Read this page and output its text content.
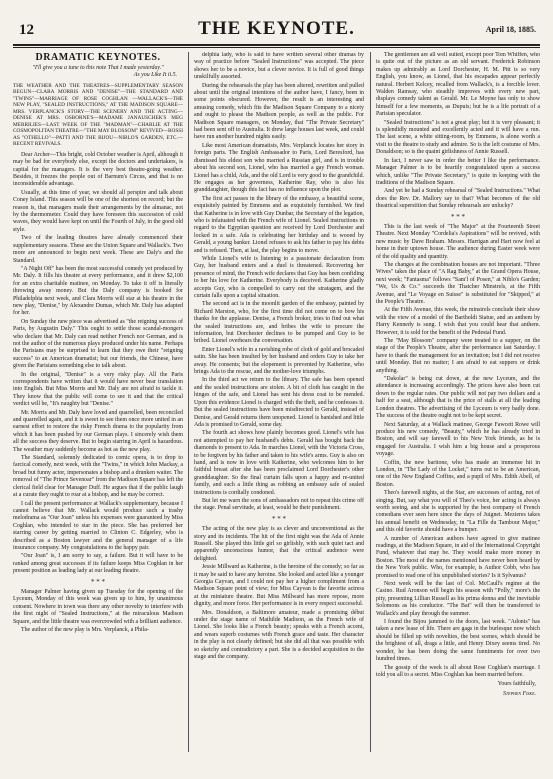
12	THE KEYNOTE.	April 18, 1885.

DRAMATIC KEYNOTES.

"I'll give you a tune to this note That I made yesterday."

As you Like It ii.5.

THE WEATHER AND THE THEATRES—SUPPLEMENTARY SEASON BEGUN—CLARA MORRIS AND "DENISE"—THE STANDARD AND "TWINS"—MARRIAGE OF ROSE COGHLAN —WALLACK'S—THE NEW PLAY, "SEALED INSTRUCTIONS," AT THE MADISON SQUARE—MRS. VERPLANCK'S STORY—THE SCENERY AND THE ACTING—DENISE AT MRS. OSBORNE'S—MADAME JANAUSCHEK'S MEG MERRILIES—LAST WEEK OF THE "MADMAN"—CHARLIE AT THE COSMOPOLITAN THEATRE—"THE MAY BLOSSOM" REVIVED—ROSSI AS "OTHELLO"—PATTI AND THE BIJOU—NIBLO'S GARDEN, ETC.—RECENT REVIVALS.

Dear Archer—This bright, cold October weather is April, although it may be bad for everybody else, except the doctors and undertakers, is capital for the managers. It is the very best theatre-going weather. Besides, it freezes the people out of Barnum's Circus, and that is no inconsiderable advantage.

Usually, at this time of year, we should all perspire and talk about Coney Island. This season will be one of the shortest on record; but the reason is, that managers made their arrangements by the almanac, not by the thermometer. Could they have foreseen this succession of cold waves, they would have kept on until the Fourth of July, in the good old style.

Two of the leading theatres have already commenced their supplementary seasons. These are the Union Square and Wallack's. Two more are announced to begin next week. These are Daly's and the Standard.

"A Night Off" has been the most successful comedy yet produced by Mr. Daly. It fills his theatre at every performance, and it drew $2,100 for an extra charitable matinee, on Monday. To take it off is literally throwing away money. But the Daly company is booked for Philadelphia next week, and Clara Morris will star at his theatre in the new play, "Denise," by Alexandre Dumas, which Mr. Daly has adapted for her.

On Sunday the new piece was advertised as "the reigning success of Paris, by Augustin Daly." This ought to settle those scandal-mongers who declare that Mr. Daly can read neither French nor German, and is not the author of the numerous plays produced under his name. Perhaps the Parisians may be surprised to learn that they owe their "reigning success" to an American dramatist; but our friends, the Chinese, have given the Parisians something else to talk about.

In the original, "Denise" is a very risky play. All the Paris correspondents have written that it would have never bear translation into English. But Miss Morris and Mr. Daly are not afraid to tackle it. They know that the public will come to see it and that the critical verdict will be, "It's naughty but "Denise."

Mr. Morris and Mr. Daly have loved and quarrelled, been reconciled and quarrelled again, and it is sweet to see them once more united in an earnest effort to restore the risky French drama to the popularity from which it has been pushed by our German plays. I sincerely wish them all the success they deserve. But to begin starring in April is hazardous. The weather may suddenly become as hot as the new play.

The Standard, solemnly dedicated to comic opera, is to drop to farcical comedy, next week, with the "Twins," in which John Mackay, a broad but funny actor, impersonates a bishop and a drunken waiter. The removal of "The Prince Sevenoar" from the Madison Square has left the clerical field clear for Manager Duff. He argues that if the public laugh at a curate they ought to roar at a bishop, and he may be correct.

I call the present performance at Wallack's supplementary, because I cannot believe that Mr. Wallack would produce such a trashy melodrama as "Our Joan" unless his expenses were guaranteed by Miss Coghlan, who intended to star in the piece. She has preferred her starring career by getting married to Clinton C. Edgerley, who is described as a Boston lawyer and the general manager of a life insurance company. My congratulations to the happy pair.

"Our Joan" is, I am sorry to say, a failure. But it will have to be ranked among great successes if its failure keeps Miss Coghlan in her present position as leading lady at our leading theatre.

* * *

Manager Palmer having given up Tuesday for the opening of the Lyceum, Monday of this week was given up to him, by unanimous consent. Nowhere in town was there any other novelty to interfere with the first night of "Sealed Instructions," at the miraculous Madison Square, and the little theatre was overcrowded with a brilliant audience.

The author of the new play is Mrs. Verplanck, a Phila-

delphia lady, who is said to have written several other dramas by way of practice before "Sealed Instructions" was accepted. The piece shows her to be a novice, but a clever novice. It is full of good things unskilfully assorted.

During the rehearsals the play has been altered, rewritten and pulled about until the original intentions of the author have, I fancy, been in some points obscured. However, the result is an interesting and amusing comedy, which fits the Madison Square Company to a nicety and ought to please the Madison people, as well as the public. For Madison Square managers, on Monday, that "The Private Secretary" had been sent off to Australia. It drew large houses last week, and could have run another hundred nights easily.

Like most American dramatists, Mrs. Verplanck locates her story in foreign parts. The English Ambassador to Paris, Lord Beresford, has dismissed his eldest son who married a Russian girl, and is in trouble about his second son, Lionel, who has married a gay French woman. Lionel has a child, Ada, and the old Lord is very good to the grandchild. He engages as her governess, Katherine Ray, who is also his granddaughter, though this fact has no influence upon the plot.

The first act passes in the library of the embassy, a beautiful scene, exquisitely painted by Emmens and as exquisitely furnished. We find that Katherine is in love with Guy Dunbar, the Secretary of the legation, who is infatuated with the French wife of Lionel. Sealed instructions in regard to the Egyptian question are received by Lord Dorchester and locked in a safe. Ada is celebrating her birthday and is wooed by Gerald, a young banker. Lionel refuses to ask his father to pay his debts and is refused. Then, at last, the play begins to move.

While Lionel's wife is listening to a passionate declaration from Guy, her husband enters and a duel is threatened. Recovering her presence of mind, the French wife declares that Guy has been confiding to her his love for Katherine. Everybody is deceived. Katherine gladly accepts Guy, who is compelled to carry out the stratagem, and the curtain falls upon a capital situation.

The second act is in the moonlit garden of the embassy, painted by Richard Marston, who, for the first time did not come on to bow his thanks for the applause. Denise, a French broker, tries to find out what the sealed instructions are, and bribes the wife to procure the information, but Dorchester declines to be pumped and Guy to be bribed. Lionel overhears the conversation.

Enter Lionel's wife in a ravishing robe of cloth of gold and brocaded satin. She has been insulted by her husband and orders Guy to take her away. He consents; but the elopement is prevented by Katherine, who brings Ada to the rescue, and the mother-love triumphs.

In the third act we return to the library. The safe has been opened and the sealed instructions are stolen. A bit of cloth has caught in the hinges of the safe, and Lionel has sent his dress coat to be mended. Upon this evidence Lionel is charged with the theft, and he confesses it. But the sealed instructions have been misdirected to Gerald, instead of Denise, and Gerald returns them unopened. Lionel is banished and little Ada is promised to Gerald, some day.

The fourth act shows how plainly becomes good. Lionel's wife has not attempted to pay her husband's debts. Gerald has bought back the diamonds to present to Ada. In marches Lionel, with the Victoria Cross, to be forgiven by his father and taken to his wife's arms. Guy is also on hand, and is now in love with Katherine, who welcomes him to her faithful breast after she has been proclaimed Lord Dorchester's other granddaughter. So the final curtain falls upon a happy and re-united family, and such a little thing as robbing an embassy safe of sealed instructions is cordially condoned.

But let me warn the sons of ambassadors not to repeat this crime off the stage. Penal servitude, at least, would be their punishment.

* * *

The acting of the new play is as clever and unconventional as the story and its incidents. The hit of the first night was the Ada of Annie Russell. She played this little girl so girlishly, with such quiet tact and apparently unconscious humor, that the critical audience were delighted.

Jessie Millward as Katherine, is the heroine of the comedy; so far as it may be said to have any heroine. She looked and acted like a younger Georgia Cayvan, and I could not pay her a higher compliment from a Madison Square point of view; for Miss Cayvan is the favorite actress at the miniature theatre. But Miss Millward has more repose, more dignity, and more force. Her performance is in every respect successful.

Mrs. Donaldson, a Baltimore amateur, made a promising début under the stage name of Mathilde Madison, as the French wife of Lionel. She looks like a French beauty; speaks with a French accent, and wears superb costumes with French grace and taste. Her character in the play is not clearly defined; but she did all that was possible with so sketchy and contradictory a part. She is a decided acquisition to the stage and the company.

The gentlemen are all well suited, except poor Tom Whiffen, who is quite out of the picture as an old servant. Frederick Robinson makes up admirably as Lord Dorchester, H. M. Pitt is so very English, you know, as Lionel, that his escapades appear perfectly natural. Herbert Kelcey, recalled from Wallack's, is a forcible lover. Walden Ramsay, who steadily improves with every new part, displays comedy talent as Gerald. Mr. Le Moyne has only to show himself for a few moments, as Dupuis; but he is a life portrait of a Parisian speculator.

"Sealed Instructions" is not a great play; but it is very pleasant; it is splendidly mounted and excellently acted and it will have a run. The last scene, a white sitting-room, by Emmens, is alone worth a visit to the theatre to study and admire. So is the left costume of Mrs. Donaldson; so is the quaint girlishness of Annie Russell.

In fact, I never saw in order the better I like the performance. Manager Palmer is to be heartily congratulated upon a success which, unlike "The Private Secretary," is quite in keeping with the traditions of the Madison Square.

And yet he had a Sunday rehearsal of "Sealed Instructions." What does the Rev. Dr. Mallory say to that? What becomes of the old theatrical superstition that Sunday rehearsals are unlucky?

* * *

This is the last week of "The Major" at the Fourteenth Street Theatre. Next Monday "Cordelia's Aspirations" will be revived, with new music by Dave Braham. Messrs. Harrigan and Hart now feel at home in their uptown house. The audience during Easter week were of the old quality and quantity.

The changes at the combination houses are not important. "Three Wives" takes the place of "A Rag Baby," at the Grand Opera House, next week; "Fantasma" follows "Sam'l of Posen," at Niblo's Garden; "We, Us & Co." succeeds the Thatcher Minstrels, at the Fifth Avenue, and "Le Voyage en Suisse" is substituted for "Skipped," at the People's Theatre.

At the Fifth Avenue, this week, the minstrels conclude their show with the view of a model of the Bartholdi Statue, and an anthem by Harry Kennedy is sung. I wish that you could hear that anthem. However, it is sold for the benefit of the Pedestal Fund.

The "May Blossom" company were treated to a supper, on the stage of the People's Theatre, after the performance last Saturday. I have to thank the management for an invitation; but I did not receive until Monday. But no matter; I am afraid to eat suppers or drink anything.

"Dakolar" is being cut down, at the new Lyceum, and the attendance is increasing accordingly. The prices have also been cut down to the regular rates. Our public will not pay two dollars and a half for a seat, although that is the price of stalls at all the leading London theatres. The advertising of the Lyceum is very badly done. The success of the theatre ought not to be kept secret.

Next Saturday, at a Wallack matinee, George Fawcett Rowe will produce his new comedy, "Beauty," which he has already tried in Boston, and will say farewell to his New York friends, as he is engaged for Australia. I wish him a big house and a prosperous voyage.

Coffin, the new baritone, who has made an immense hit in London, in "The Lady of the Locket," turns out to be an American, one of the New England Coffins, and a pupil of Mrs. Edith Abell, of Boston.

Theo's farewell nights, at the Star, are successes of acting, not of singing. But, say what you will of Theo's voice, her acting is always worth seeing, and she is supported by the best company of French comedians ever seen here since the days of Juignet. Mezieres takes his annual benefit on Wednesday, in "La Fille du Tambour Major," and this old favorite should have a bumper.

A number of American authors have agreed to give matinee readings, at the Madison Square, in aid of the International Copyright Fund, whatever that may be. They would make more money in Boston. The most of the names mentioned have never been heard by the New York public. Who, for example, is Author Cobb, who has promised to read one of his unpublished stories? Is it Sylvanus?

Next week will be the last of Col. McCaull's regime at the Casino. Rud Aronson will begin his season with "Polly," more's the pity, presenting Lillian Russell as his prima donna and the inevitable Solomons as his conductor. "The Bat" will then be transferred to Wallack's and play through the summer.

I found the Bijou jammed to the doors, last week. "Adonis" has taken a new lease of life. There are gags in the burlesque now which should be filled up with novelties, the best scenes, which should be the brightest of all, drags a little, and Henry Dixey seems tired. No wonder, he has been doing the same funniments for over two hundred times.

The gossip of the week is all about Rose Coghlan's marriage. I told you all to a secret. Miss Coghlan has been married before.

Yours faithfully,

Stephen Fiske.
